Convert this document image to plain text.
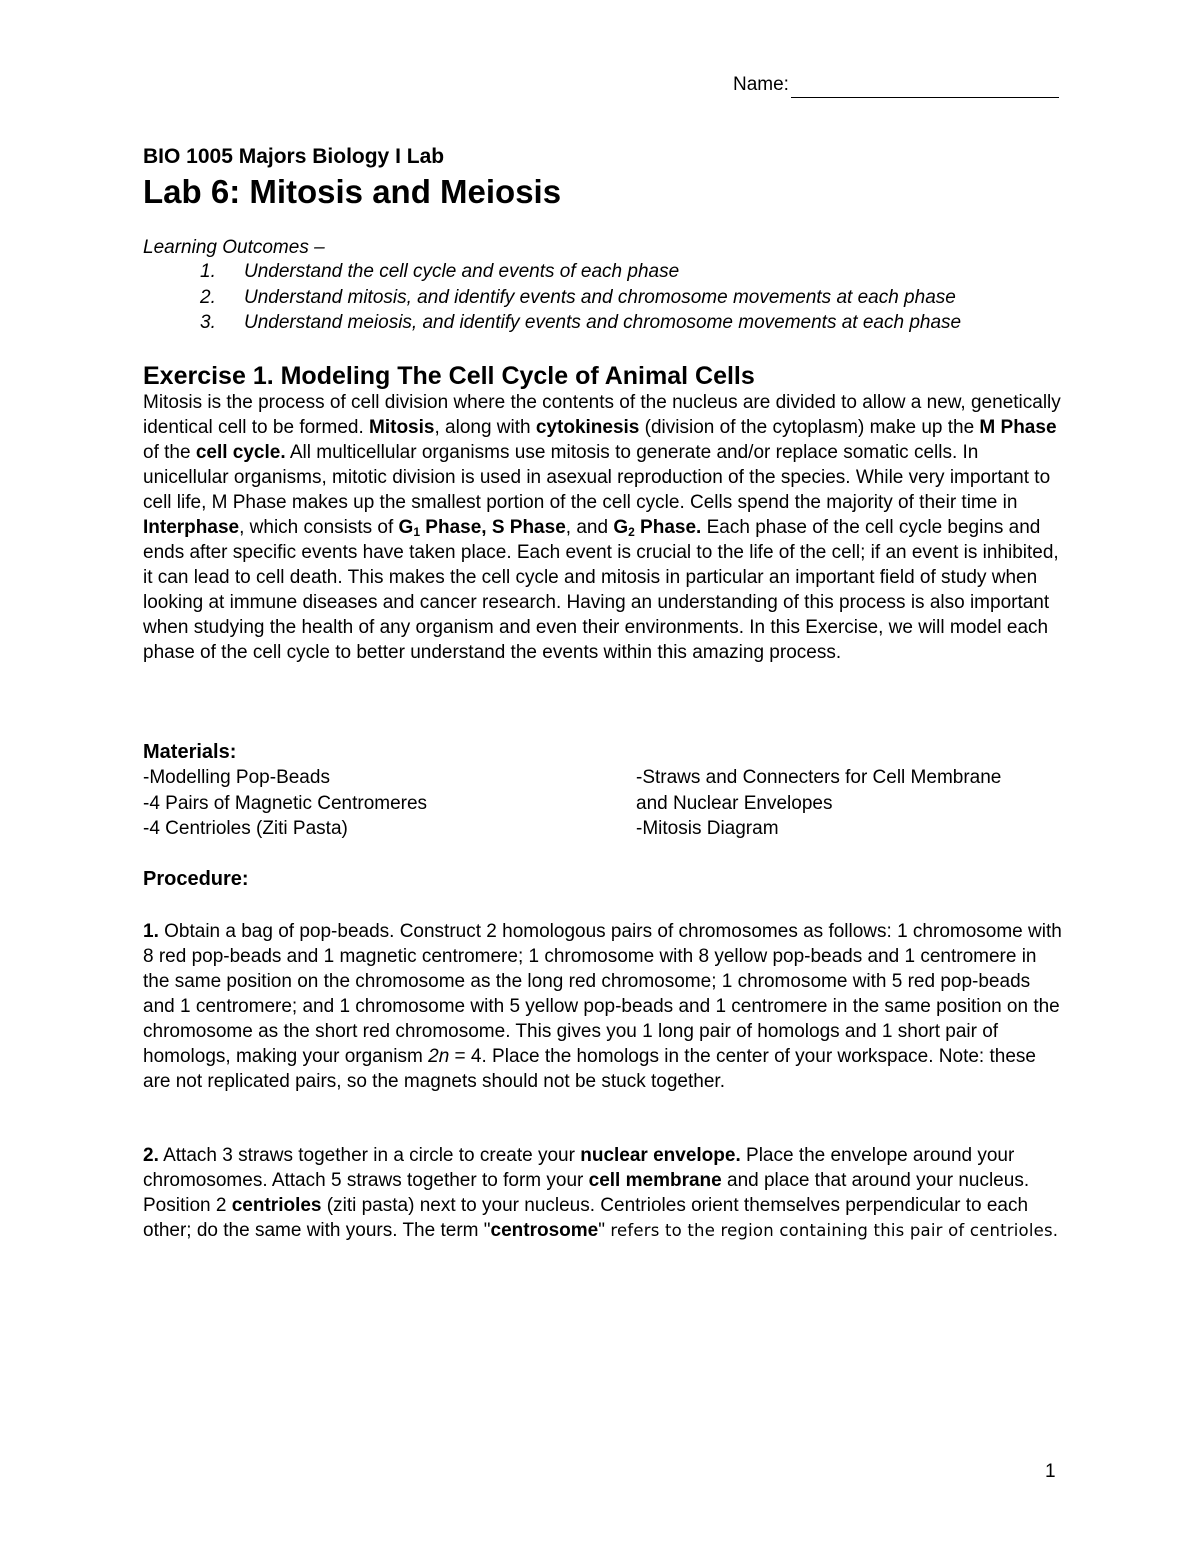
Name:
BIO 1005 Majors Biology I Lab
Lab 6: Mitosis and Meiosis
Learning Outcomes –
1. Understand the cell cycle and events of each phase
2. Understand mitosis, and identify events and chromosome movements at each phase
3. Understand meiosis, and identify events and chromosome movements at each phase
Exercise 1. Modeling The Cell Cycle of Animal Cells

Mitosis is the process of cell division where the contents of the nucleus are divided to allow a new, genetically identical cell to be formed. Mitosis, along with cytokinesis (division of the cytoplasm) make up the M Phase of the cell cycle. All multicellular organisms use mitosis to generate and/or replace somatic cells. In unicellular organisms, mitotic division is used in asexual reproduction of the species. While very important to cell life, M Phase makes up the smallest portion of the cell cycle. Cells spend the majority of their time in Interphase, which consists of $G_1$ Phase, S Phase, and $G_2$ Phase. Each phase of the cell cycle begins and ends after specific events have taken place. Each event is crucial to the life of the cell; if an event is inhibited, it can lead to cell death. This makes the cell cycle and mitosis in particular an important field of study when looking at immune diseases and cancer research. Having an understanding of this process is also important when studying the health of any organism and even their environments. In this Exercise, we will model each phase of the cell cycle to better understand the events within this amazing process.

Materials:
-Modelling Pop-Beads
-4 Pairs of Magnetic Centromeres
-4 Centrioles (Ziti Pasta)
-Straws and Connecters for Cell Membrane
and Nuclear Envelopes
-Mitosis Diagram
Procedure:

1. Obtain a bag of pop-beads. Construct 2 homologous pairs of chromosomes as follows: 1 chromosome with 8 red pop-beads and 1 magnetic centromere; 1 chromosome with 8 yellow pop-beads and 1 centromere in the same position on the chromosome as the long red chromosome; 1 chromosome with 5 red pop-beads and 1 centromere; and 1 chromosome with 5 yellow pop-beads and 1 centromere in the same position on the chromosome as the short red chromosome. This gives you 1 long pair of homologs and 1 short pair of homologs, making your organism 2n = 4. Place the homologs in the center of your workspace. Note: these are not replicated pairs, so the magnets should not be stuck together.

2. Attach 3 straws together in a circle to create your nuclear envelope. Place the envelope around your chromosomes. Attach 5 straws together to form your cell membrane and place that around your nucleus. Position 2 centrioles (ziti pasta) next to your nucleus. Centrioles orient themselves perpendicular to each other; do the same with yours. The term "centrosome" refers to the region containing this pair of centrioles.

1
